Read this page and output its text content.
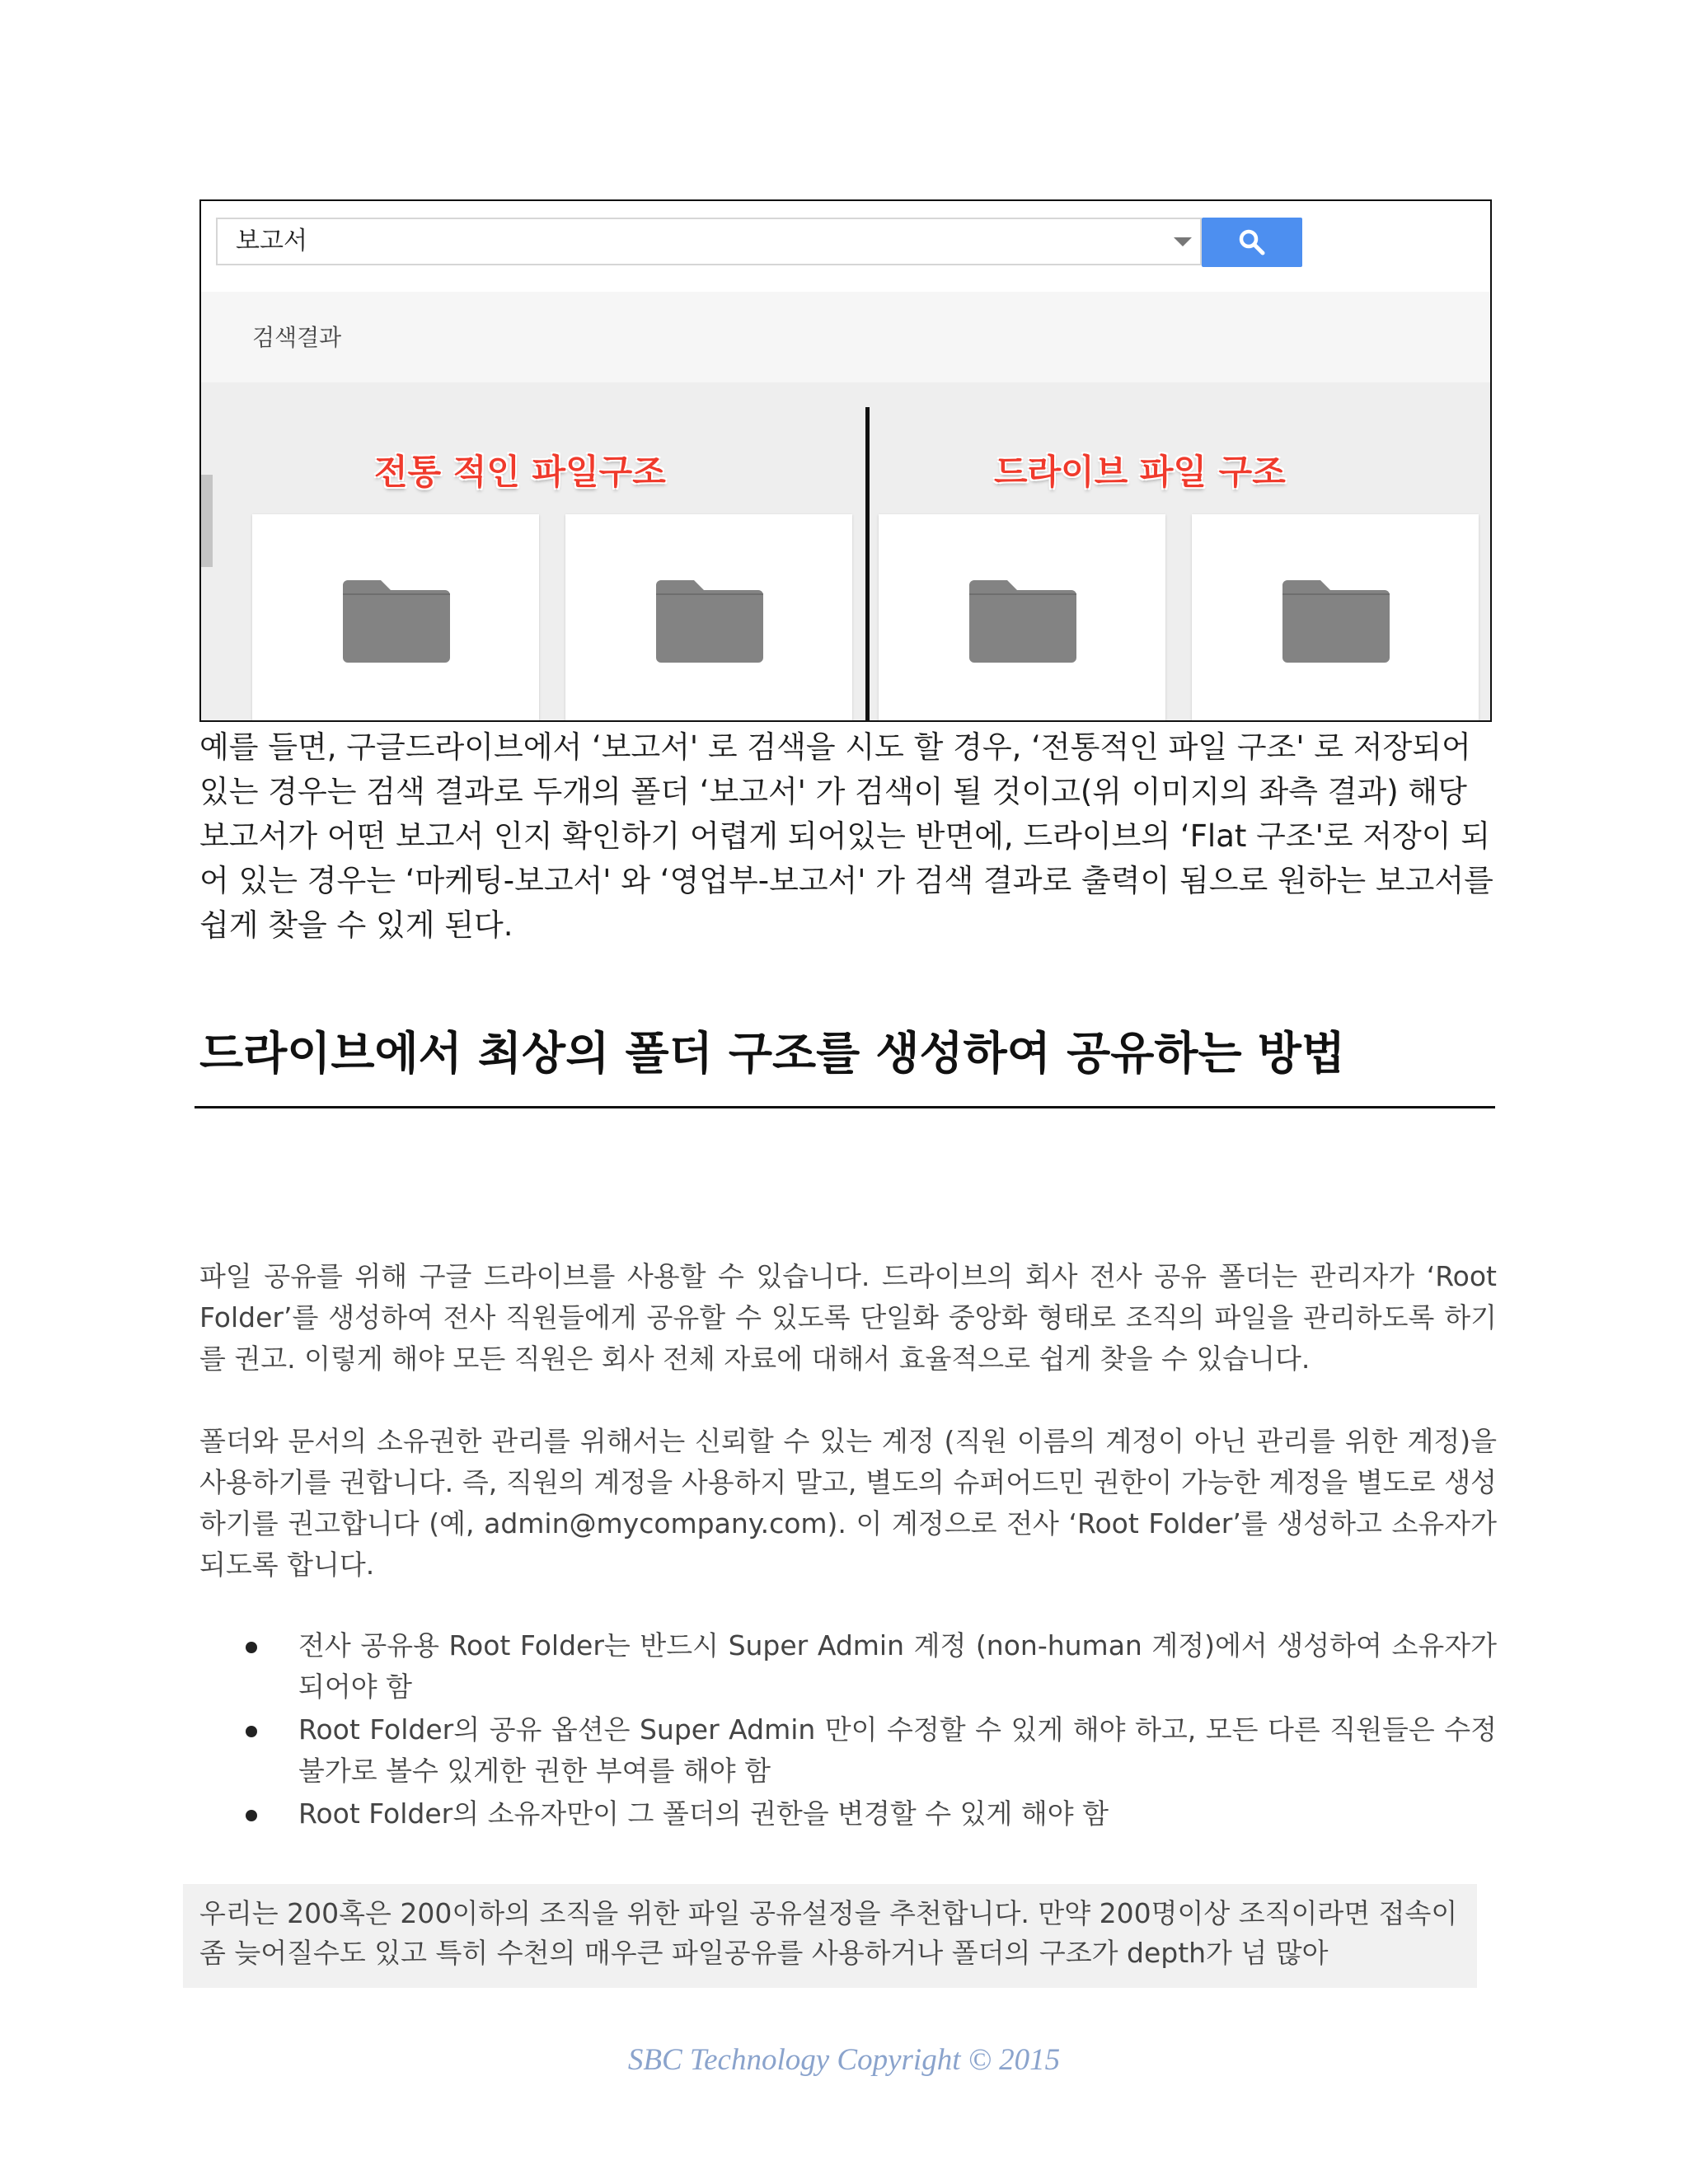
보고서
검색결과
전통 적인 파일구조	드라이브 파일 구조

예를 들면, 구글드라이브에서 ‘보고서' 로 검색을 시도 할 경우, ‘전통적인 파일 구조' 로 저장되어 있는 경우는 검색 결과로 두개의 폴더 ‘보고서' 가 검색이 될 것이고(위 이미지의 좌측 결과) 해당 보고서가 어떤 보고서 인지 확인하기 어렵게 되어있는 반면에, 드라이브의 ‘Flat 구조'로 저장이 되어 있는 경우는 ‘마케팅-보고서' 와 ‘영업부-보고서' 가 검색 결과로 출력이 됨으로 원하는 보고서를 쉽게 찾을 수 있게 된다.

드라이브에서 최상의 폴더 구조를 생성하여 공유하는 방법

파일 공유를 위해 구글 드라이브를 사용할 수 있습니다. 드라이브의 회사 전사 공유 폴더는 관리자가 ‘Root Folder’를 생성하여 전사 직원들에게 공유할 수 있도록 단일화 중앙화 형태로 조직의 파일을 관리하도록 하기를 권고. 이렇게 해야 모든 직원은 회사 전체 자료에 대해서 효율적으로 쉽게 찾을 수 있습니다.

폴더와 문서의 소유권한 관리를 위해서는 신뢰할 수 있는 계정 (직원 이름의 계정이 아닌 관리를 위한 계정)을 사용하기를 권합니다. 즉, 직원의 계정을 사용하지 말고, 별도의 슈퍼어드민 권한이 가능한 계정을 별도로 생성하기를 권고합니다 (예, admin@mycompany.com). 이 계정으로 전사 ‘Root Folder’를 생성하고 소유자가 되도록 합니다.

전사 공유용 Root Folder는 반드시 Super Admin 계정 (non-human 계정)에서 생성하여 소유자가 되어야 함
Root Folder의 공유 옵션은 Super Admin 만이 수정할 수 있게 해야 하고, 모든 다른 직원들은 수정불가로 볼수 있게한 권한 부여를 해야 함
Root Folder의 소유자만이 그 폴더의 권한을 변경할 수 있게 해야 함

우리는 200혹은 200이하의 조직을 위한 파일 공유설정을 추천합니다. 만약 200명이상 조직이라면 접속이 좀 늦어질수도 있고 특히 수천의 매우큰 파일공유를 사용하거나 폴더의 구조가 depth가 넘 많아

SBC Technology Copyright © 2015
